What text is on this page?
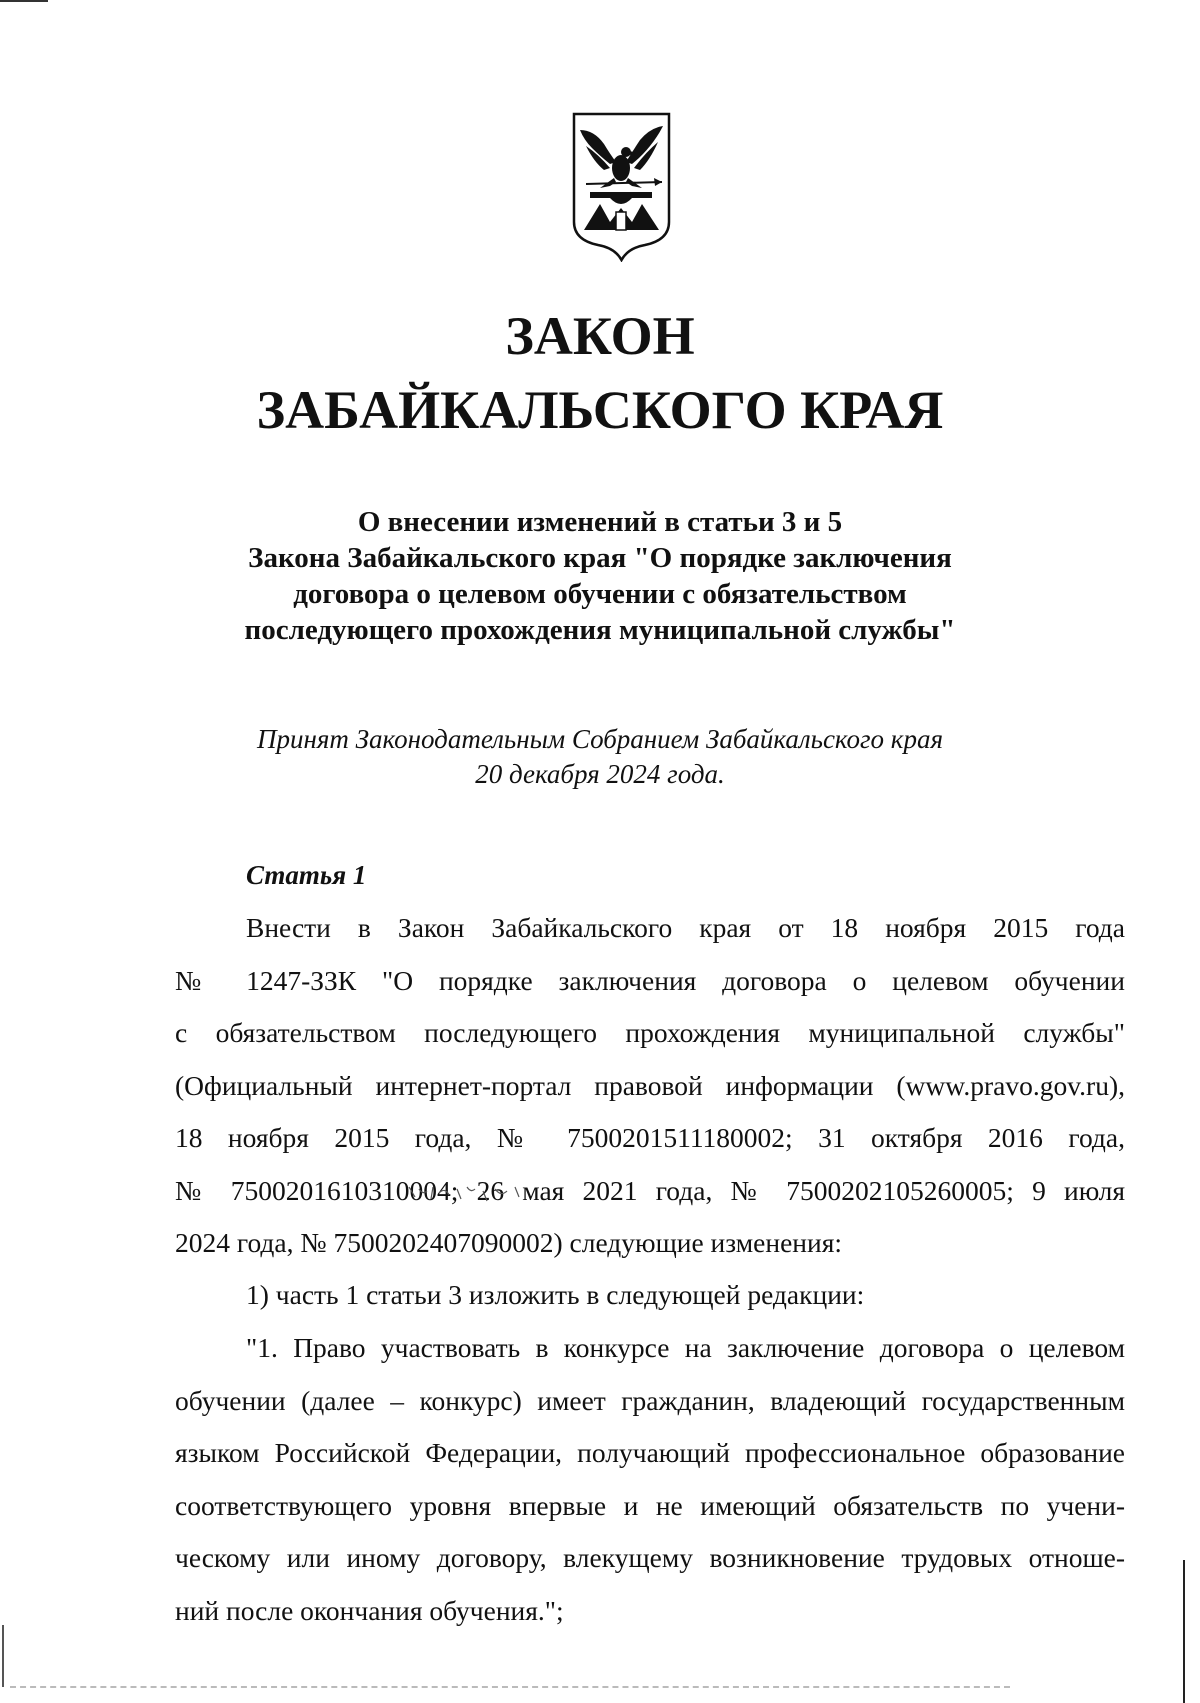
ЗАКОН
ЗАБАЙКАЛЬСКОГО КРАЯ
О внесении изменений в статьи 3 и 5
Закона Забайкальского края "О порядке заключения
договора о целевом обучении с обязательством
последующего прохождения муниципальной службы"
Принят Законодательным Собранием Забайкальского края
20 декабря 2024 года.
Статья 1
Внести в Закон Забайкальского края от 18 ноября 2015 года
№ 1247-ЗЗК "О порядке заключения договора о целевом обучении
с обязательством последующего прохождения муниципальной службы"
(Официальный интернет-портал правовой информации (www.pravo.gov.ru),
18 ноября 2015 года, № 7500201511180002; 31 октября 2016 года,
№ 7500201610310004; 26 мая 2021 года, № 7500202105260005; 9 июля
2024 года, № 7500202407090002) следующие изменения:
1) часть 1 статьи 3 изложить в следующей редакции:
"1. Право участвовать в конкурсе на заключение договора о целевом
обучении (далее – конкурс) имеет гражданин, владеющий государственным
языком Российской Федерации, получающий профессиональное образование
соответствующего уровня впервые и не имеющий обязательств по учени-
ческому или иному договору, влекущему возникновение трудовых отноше-
ний после окончания обучения.";
